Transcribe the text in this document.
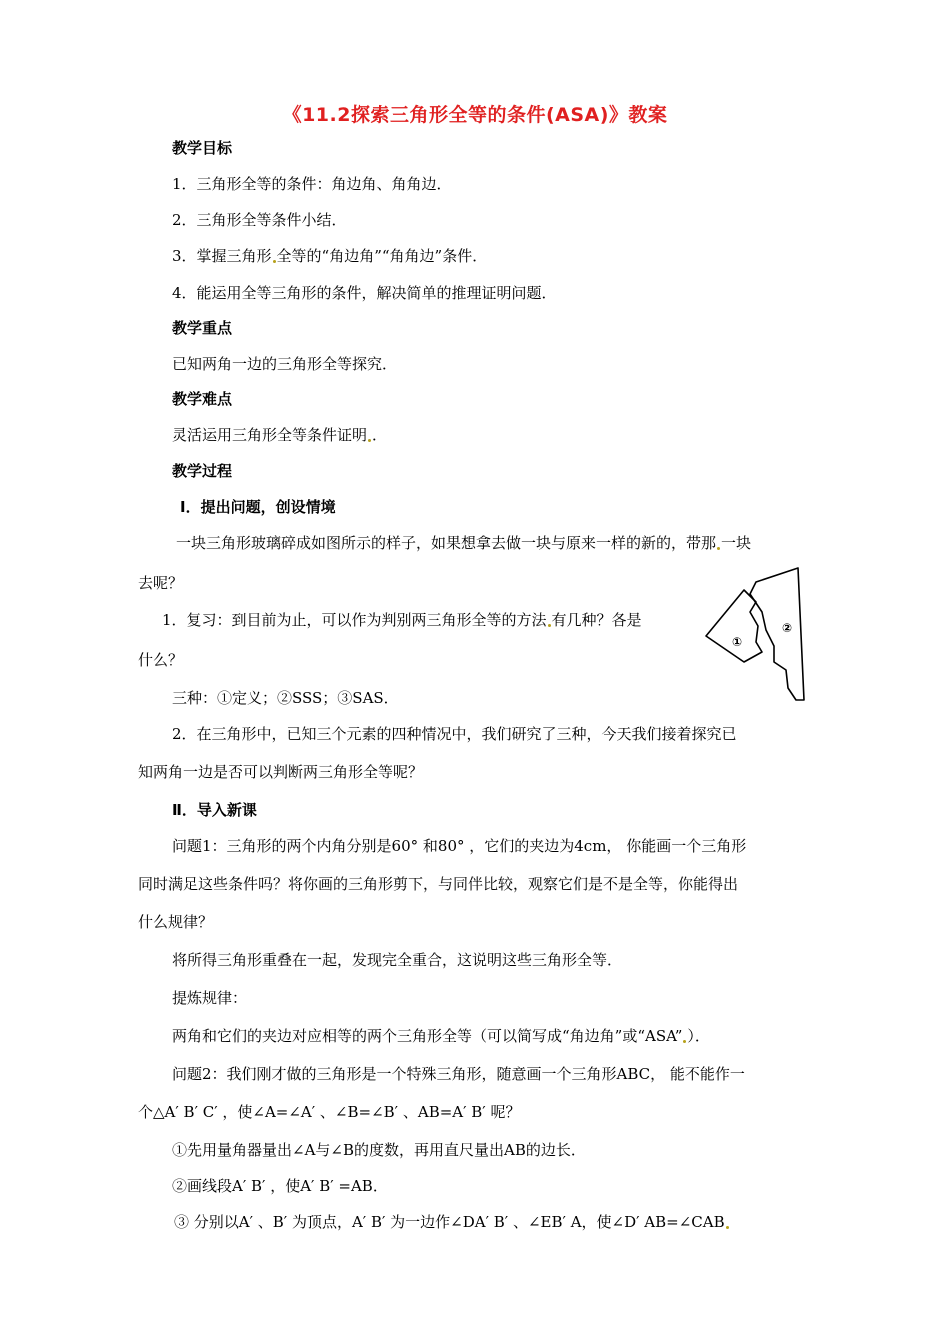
《11.2探索三角形全等的条件(ASA)》教案
教学目标
1．三角形全等的条件：角边角、角角边．
2．三角形全等条件小结．
3．掌握三角形 全等的“角边角”“角角边”条件．
4．能运用全等三角形的条件，解决简单的推理证明问题．
教学重点
已知两角一边的三角形全等探究．
教学难点
灵活运用三角形全等条件证明 ．
教学过程
Ⅰ．提出问题，创设情境
一块三角形玻璃碎成如图所示的样子，如果想拿去做一块与原来一样的新的，带那 一块
去呢？
1．复习：到目前为止，可以作为判别两三角形全等的方法 有几种？各是
什么？
①
②
三种：①定义；②SSS；③SAS．
2．在三角形中，已知三个元素的四种情况中，我们研究了三种，今天我们接着探究已
知两角一边是否可以判断两三角形全等呢？
Ⅱ．导入新课
问题1：三角形的两个内角分别是60° 和80° ，它们的夹边为4cm， 你能画一个三角形
同时满足这些条件吗？将你画的三角形剪下，与同伴比较，观察它们是不是全等，你能得出
什么规律？
将所得三角形重叠在一起，发现完全重合，这说明这些三角形全等．
提炼规律：
两角和它们的夹边对应相等的两个三角形全等（可以简写成“角边角”或“ASA” ）．
问题2：我们刚才做的三角形是一个特殊三角形，随意画一个三角形ABC， 能不能作一
个△A′ B′ C′ ，使∠A=∠A′ 、∠B=∠B′ 、AB=A′ B′ 呢？
①先用量角器量出∠A与∠B的度数，再用直尺量出AB的边长．
②画线段A′ B′ ，使A′ B′ =AB．
③ 分别以A′ 、B′ 为顶点，A′ B′ 为一边作∠DA′ B′ 、∠EB′ A，使∠D′ AB=∠CAB
